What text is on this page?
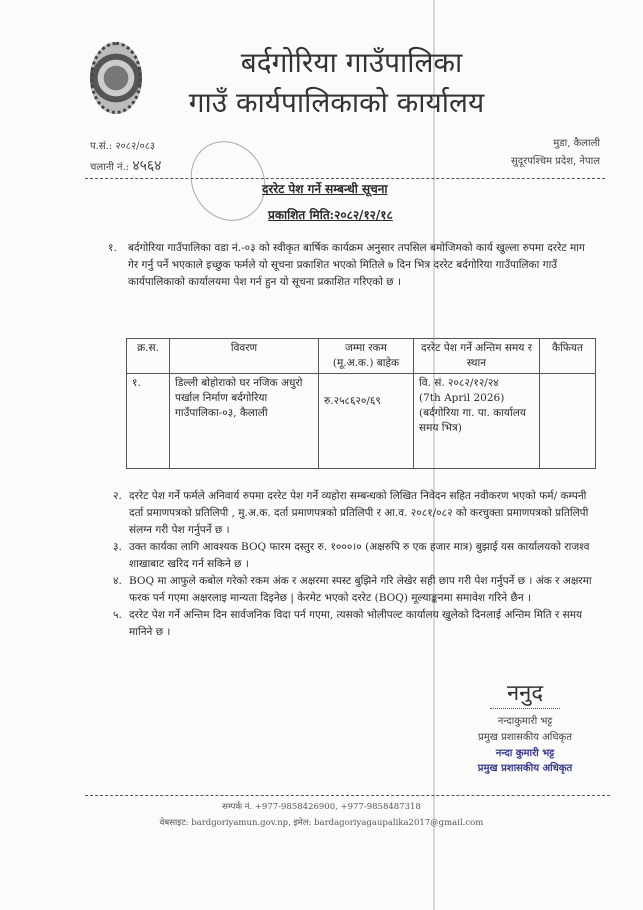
बर्दगोरिया गाउँपालिका
गाउँ कार्यपालिकाको कार्यालय
प.सं.: २०८२/०८३
चलानी नं.: ४५६४
मुडा, कैलाली
सुदूरपश्चिम प्रदेश, नेपाल
दररेट पेश गर्ने सम्बन्धी सूचना
प्रकाशित मिति:२०८२/१२/१८
१.	बर्दगोरिया गाउँपालिका वडा नं.-०३ को स्वीकृत बार्षिक कार्यक्रम अनुसार तपसिल बमोजिमको कार्य खुल्ला रुपमा दररेट माग गेर गर्नु पर्ने भएकाले इच्छुक फर्मले यो सूचना प्रकाशित भएको मितिले ७ दिन भित्र दररेट बर्दगोरिया गाउँपालिका गाउँ कार्यपालिकाको कार्यालयमा पेश गर्न हुन यो सूचना प्रकाशित गरिएको छ ।
क्र.स.	विवरण	जम्मा रकम (मू.अ.क.) बाहेक	दररेट पेश गर्ने अन्तिम समय र स्थान	कैफियत
१.	डिल्ली बोहोराको घर नजिक अधुरो पर्खाल निर्माण बर्दगोरिया गाउँपालिका-०३, कैलाली	रु.२५८६२०/६९	वि. सं. २०८२/१२/२४
(7th April 2026)
(बर्दगोरिया गा. पा. कार्यालय समय भित्र)	

२. दररेट पेश गर्ने फर्मले अनिवार्य रुपमा दररेट पेश गर्ने व्यहोरा सम्बन्धको लिखित निवेदन सहित नवीकरण भएको फर्म/ कम्पनी दर्ता प्रमाणपत्रको प्रतिलिपी , मु.अ.क. दर्ता प्रमाणपत्रको प्रतिलिपी र आ.व. २०८१/०८२ को करचुक्ता प्रमाणपत्रको प्रतिलिपी संलग्न गरी पेश गर्नुपर्ने छ ।
३. उक्त कार्यका लागि आवश्यक BOQ फारम दस्तुर रु. १०००।० (अक्षरुपि रु एक हजार मात्र) बुझाई यस कार्यालयको राजश्व शाखाबाट खरिद गर्न सकिने छ ।
४. BOQ मा आफुले कबोल गरेको रकम अंक र अक्षरमा स्पस्ट बुझिने गरि लेखेर सही छाप गरी पेश गर्नुपर्ने छ । अंक र अक्षरमा फरक पर्न गएमा अक्षरलाइ मान्यता दिइनेछ | केरमेट भएको दररेट (BOQ) मूल्याङ्कनमा समावेश गरिने छैन ।
५. दररेट पेश गर्ने अन्तिम दिन सार्वजनिक विदा पर्न गएमा, त्यसको भोलीपल्ट कार्यालय खुलेको दिनलाई अन्तिम मिति र समय मानिने छ ।
ननुद
नन्दाकुमारी भट्ट
प्रमुख प्रशासकीय अधिकृत
नन्दा कुमारी भट्ट
प्रमुख प्रशासकीय अधिकृत
सम्पर्क नं. +977-9858426900, +977-9858487318
वेबसाइट: bardgoriyamun.gov.np, इमेल: bardagoriyagaupalika2017@gmail.com
